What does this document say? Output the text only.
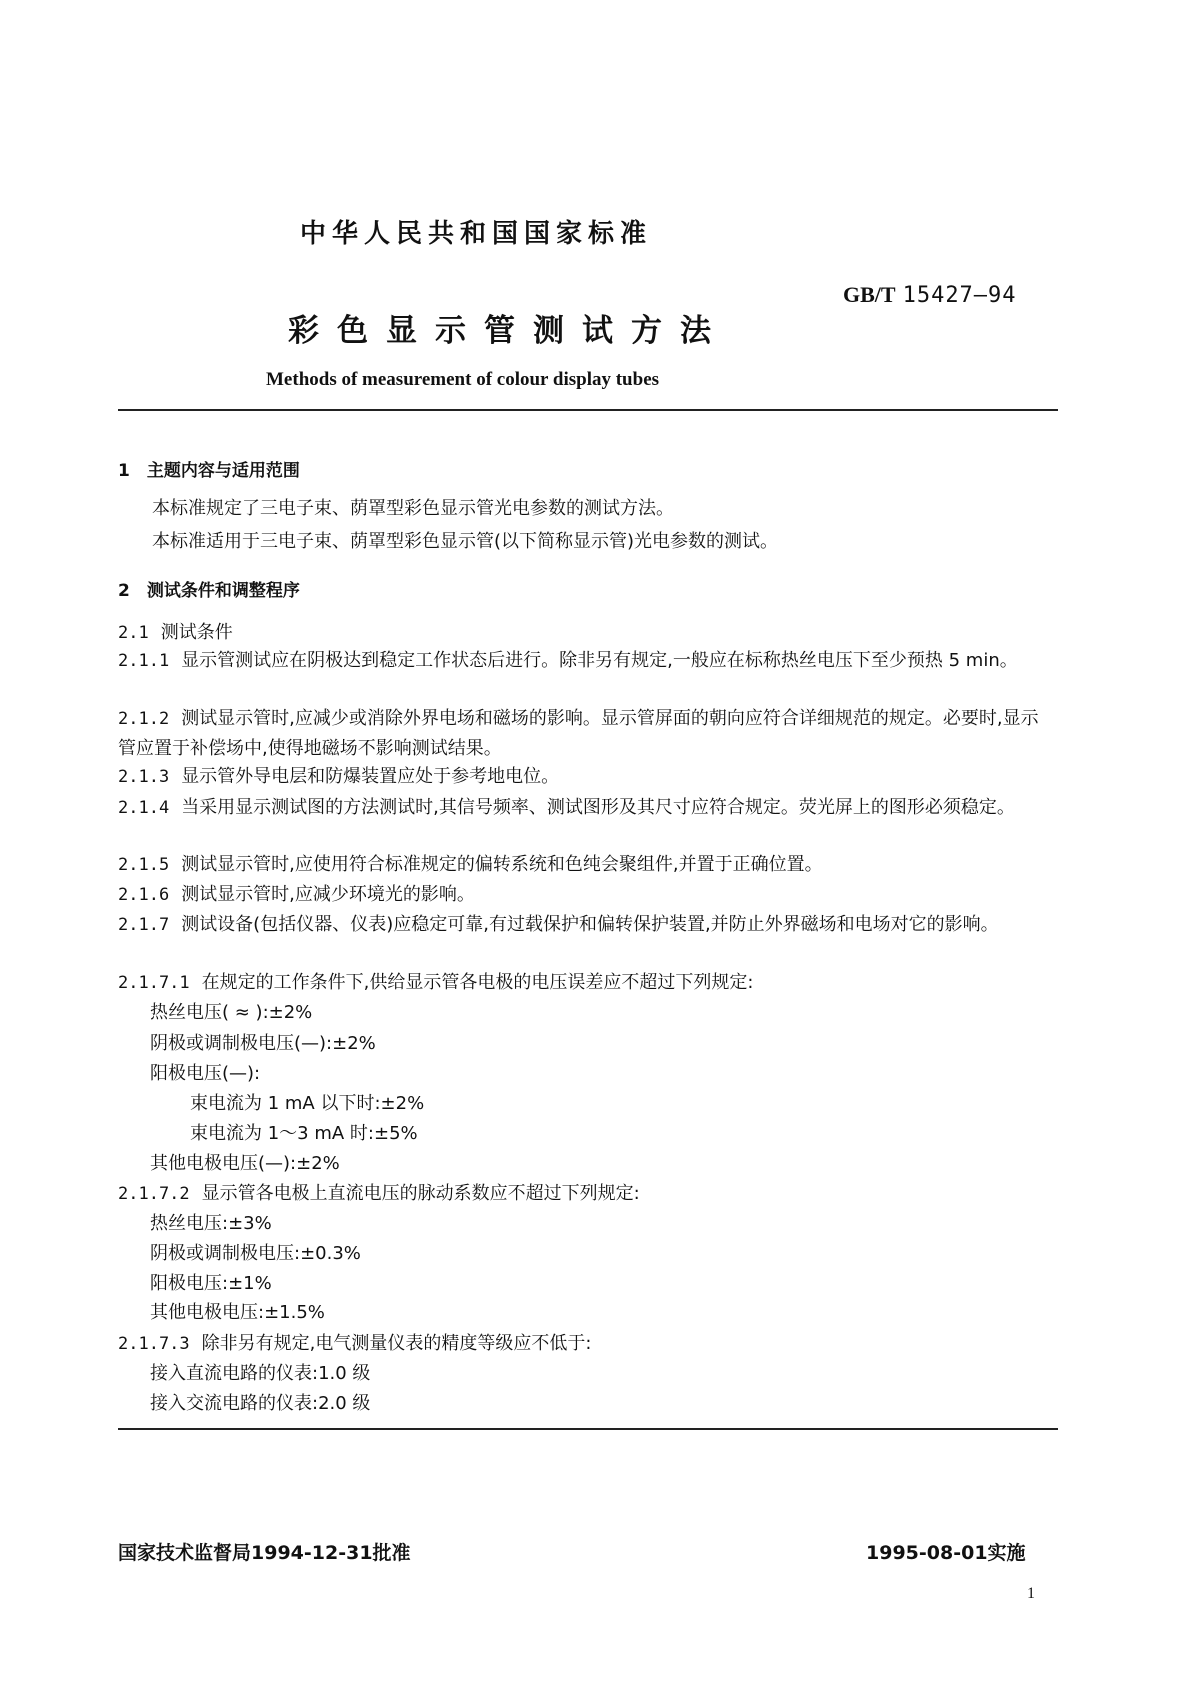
中华人民共和国国家标准
GB/T 15427—94
彩色显示管测试方法
Methods of measurement of colour display tubes
1　主题内容与适用范围
本标准规定了三电子束、荫罩型彩色显示管光电参数的测试方法。
本标准适用于三电子束、荫罩型彩色显示管(以下简称显示管)光电参数的测试。
2　测试条件和调整程序
2.1 测试条件
2.1.1 显示管测试应在阴极达到稳定工作状态后进行。除非另有规定,一般应在标称热丝电压下至少预热 5 min。
2.1.2 测试显示管时,应减少或消除外界电场和磁场的影响。显示管屏面的朝向应符合详细规范的规定。必要时,显示管应置于补偿场中,使得地磁场不影响测试结果。
2.1.3 显示管外导电层和防爆装置应处于参考地电位。
2.1.4 当采用显示测试图的方法测试时,其信号频率、测试图形及其尺寸应符合规定。荧光屏上的图形必须稳定。
2.1.5 测试显示管时,应使用符合标准规定的偏转系统和色纯会聚组件,并置于正确位置。
2.1.6 测试显示管时,应减少环境光的影响。
2.1.7 测试设备(包括仪器、仪表)应稳定可靠,有过载保护和偏转保护装置,并防止外界磁场和电场对它的影响。
2.1.7.1 在规定的工作条件下,供给显示管各电极的电压误差应不超过下列规定:
热丝电压( ≈ ):±2%
阴极或调制极电压(—):±2%
阳极电压(—):
束电流为 1 mA 以下时:±2%
束电流为 1～3 mA 时:±5%
其他电极电压(—):±2%
2.1.7.2 显示管各电极上直流电压的脉动系数应不超过下列规定:
热丝电压:±3%
阴极或调制极电压:±0.3%
阳极电压:±1%
其他电极电压:±1.5%
2.1.7.3 除非另有规定,电气测量仪表的精度等级应不低于:
接入直流电路的仪表:1.0 级
接入交流电路的仪表:2.0 级
国家技术监督局1994-12-31批准	1995-08-01实施
1
